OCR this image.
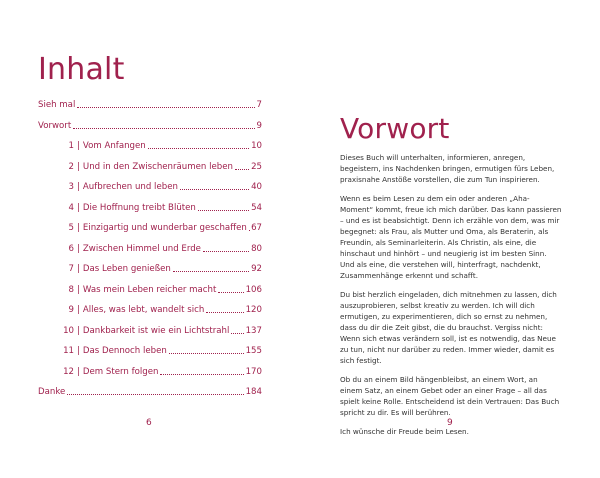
Inhalt
Sieh mal	7
Vorwort	9
1 | Vom Anfangen	10
2 | Und in den Zwischenräumen leben 25
3 | Aufbrechen und leben	40
4 | Die Hoffnung treibt Blüten	54
5 | Einzigartig und wunderbar geschaffen 67
6 | Zwischen Himmel und Erde	80
7 | Das Leben genießen	92
8 | Was mein Leben reicher macht	106
9 | Alles, was lebt, wandelt sich	120
10 | Dankbarkeit ist wie ein Lichtstrahl 137
11 | Das Dennoch leben	155
12 | Dem Stern folgen	170
Danke	184
6
Vorwort

Dieses Buch will unterhalten, informieren, anregen, begeistern, ins Nachdenken bringen, ermutigen fürs Leben, praxisnahe Anstöße vorstellen, die zum Tun inspirieren.

Wenn es beim Lesen zu dem ein oder anderen „Aha-Moment“ kommt, freue ich mich darüber. Das kann passieren – und es ist beabsichtigt. Denn ich erzähle von dem, was mir begegnet: als Frau, als Mutter und Oma, als Beraterin, als Freundin, als Seminarleiterin. Als Christin, als eine, die hinschaut und hinhört – und neugierig ist im besten Sinn. Und als eine, die verstehen will, hinterfragt, nachdenkt, Zusammenhänge erkennt und schafft.

Du bist herzlich eingeladen, dich mitnehmen zu lassen, dich auszuprobieren, selbst kreativ zu werden. Ich will dich ermutigen, zu experimentieren, dich so ernst zu nehmen, dass du dir die Zeit gibst, die du brauchst. Vergiss nicht: Wenn sich etwas verändern soll, ist es notwendig, das Neue zu tun, nicht nur darüber zu reden. Immer wieder, damit es sich festigt.

Ob du an einem Bild hängenbleibst, an einem Wort, an einem Satz, an einem Gebet oder an einer Frage – all das spielt keine Rolle. Entscheidend ist dein Vertrauen: Das Buch spricht zu dir. Es will berühren.

Ich wünsche dir Freude beim Lesen.

9
